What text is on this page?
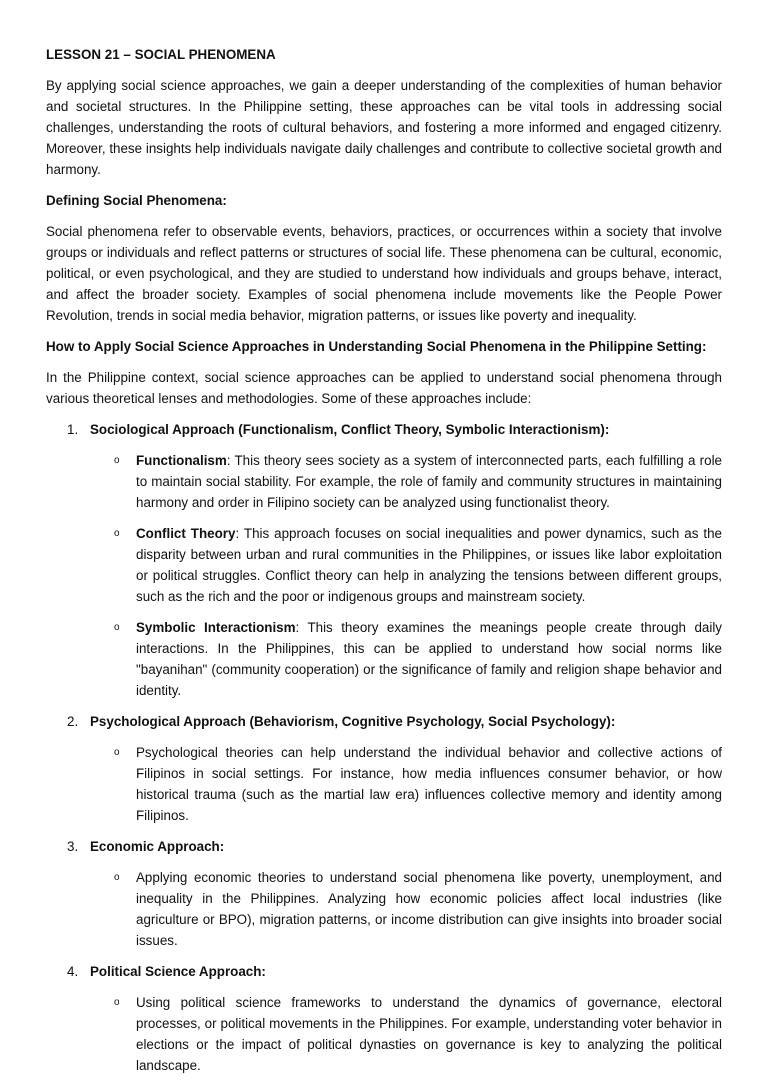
LESSON 21 – SOCIAL PHENOMENA

By applying social science approaches, we gain a deeper understanding of the complexities of human behavior and societal structures. In the Philippine setting, these approaches can be vital tools in addressing social challenges, understanding the roots of cultural behaviors, and fostering a more informed and engaged citizenry. Moreover, these insights help individuals navigate daily challenges and contribute to collective societal growth and harmony.

Defining Social Phenomena:

Social phenomena refer to observable events, behaviors, practices, or occurrences within a society that involve groups or individuals and reflect patterns or structures of social life. These phenomena can be cultural, economic, political, or even psychological, and they are studied to understand how individuals and groups behave, interact, and affect the broader society. Examples of social phenomena include movements like the People Power Revolution, trends in social media behavior, migration patterns, or issues like poverty and inequality.

How to Apply Social Science Approaches in Understanding Social Phenomena in the Philippine Setting:

In the Philippine context, social science approaches can be applied to understand social phenomena through various theoretical lenses and methodologies. Some of these approaches include:

1. Sociological Approach (Functionalism, Conflict Theory, Symbolic Interactionism):
o Functionalism: This theory sees society as a system of interconnected parts, each fulfilling a role to maintain social stability. For example, the role of family and community structures in maintaining harmony and order in Filipino society can be analyzed using functionalist theory.
o Conflict Theory: This approach focuses on social inequalities and power dynamics, such as the disparity between urban and rural communities in the Philippines, or issues like labor exploitation or political struggles. Conflict theory can help in analyzing the tensions between different groups, such as the rich and the poor or indigenous groups and mainstream society.
o Symbolic Interactionism: This theory examines the meanings people create through daily interactions. In the Philippines, this can be applied to understand how social norms like "bayanihan" (community cooperation) or the significance of family and religion shape behavior and identity.
2. Psychological Approach (Behaviorism, Cognitive Psychology, Social Psychology):
o Psychological theories can help understand the individual behavior and collective actions of Filipinos in social settings. For instance, how media influences consumer behavior, or how historical trauma (such as the martial law era) influences collective memory and identity among Filipinos.
3. Economic Approach:
o Applying economic theories to understand social phenomena like poverty, unemployment, and inequality in the Philippines. Analyzing how economic policies affect local industries (like agriculture or BPO), migration patterns, or income distribution can give insights into broader social issues.
4. Political Science Approach:
o Using political science frameworks to understand the dynamics of governance, electoral processes, or political movements in the Philippines. For example, understanding voter behavior in elections or the impact of political dynasties on governance is key to analyzing the political landscape.
